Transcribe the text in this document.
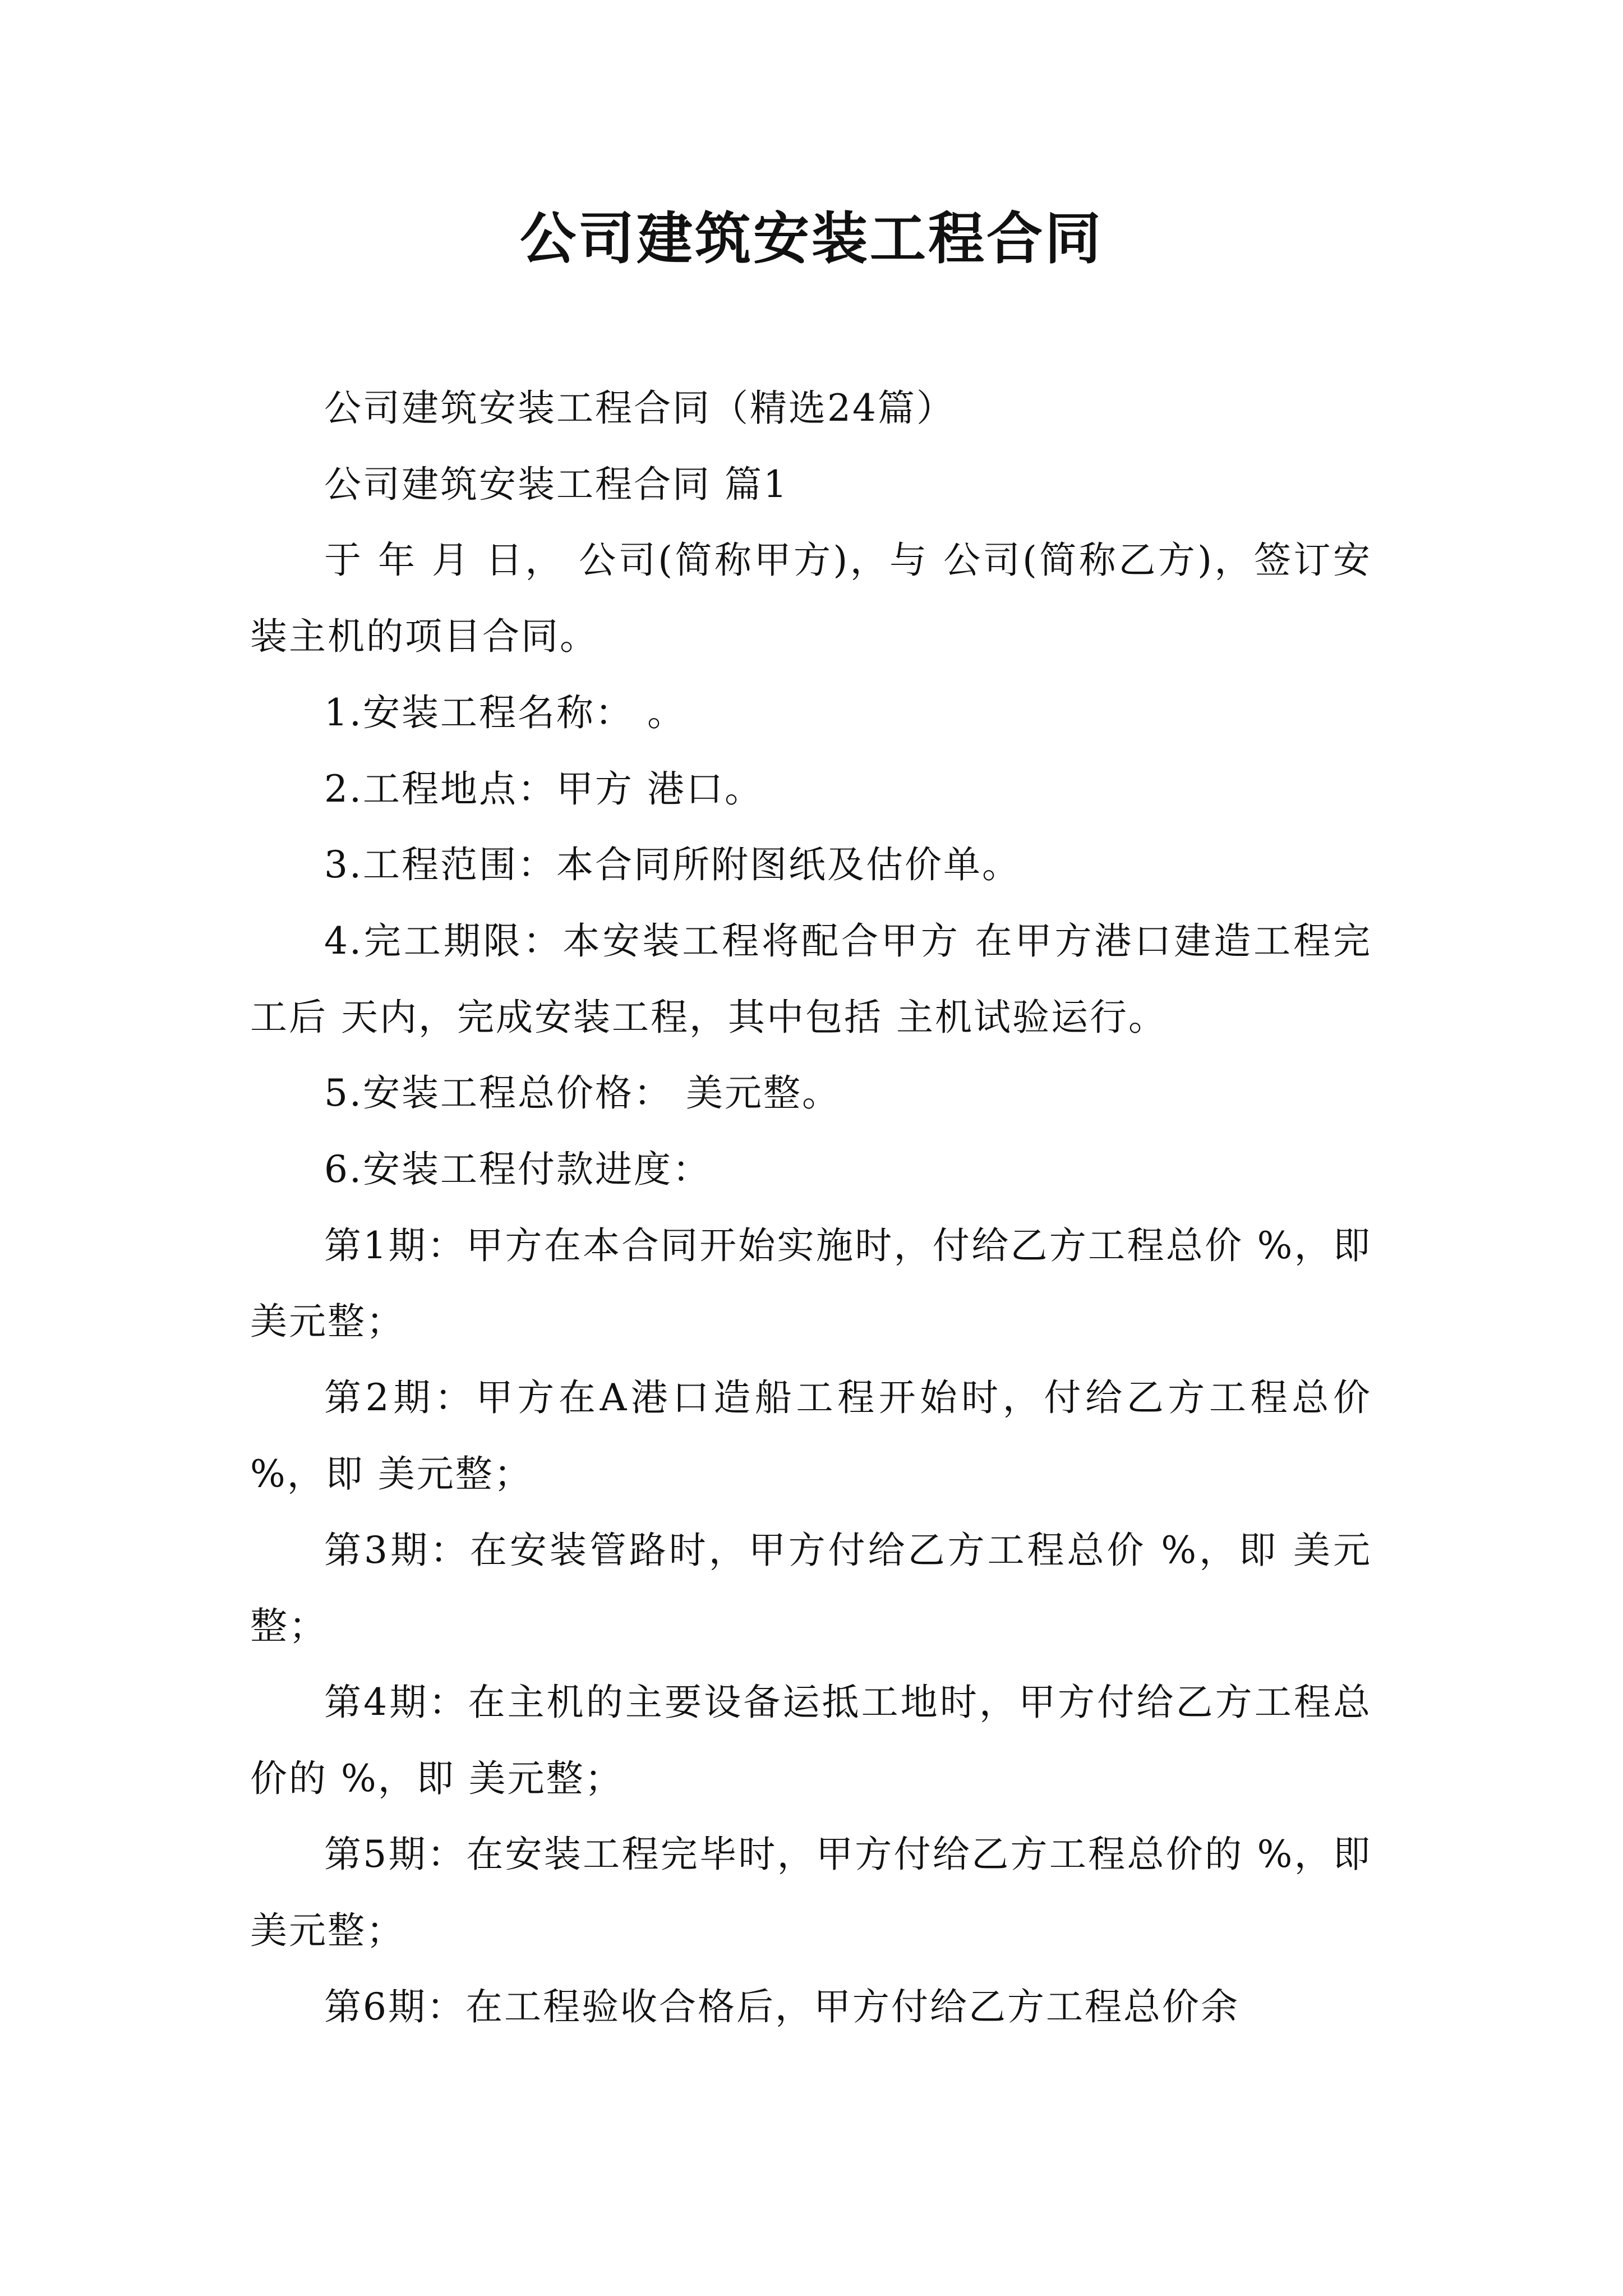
公司建筑安装工程合同

公司建筑安装工程合同（精选24篇）

公司建筑安装工程合同 篇1

于 年 月 日， 公司(简称甲方)，与 公司(简称乙方)，签订安装主机的项目合同。

1.安装工程名称： 。

2.工程地点：甲方 港口。

3.工程范围：本合同所附图纸及估价单。

4.完工期限：本安装工程将配合甲方 在甲方港口建造工程完工后 天内，完成安装工程，其中包括 主机试验运行。

5.安装工程总价格： 美元整。

6.安装工程付款进度：

第1期：甲方在本合同开始实施时，付给乙方工程总价 %，即 美元整；

第2期：甲方在A港口造船工程开始时，付给乙方工程总价 %，即 美元整；

第3期：在安装管路时，甲方付给乙方工程总价 %，即 美元整；

第4期：在主机的主要设备运抵工地时，甲方付给乙方工程总价的 %，即 美元整；

第5期：在安装工程完毕时，甲方付给乙方工程总价的 %，即 美元整；

第6期：在工程验收合格后，甲方付给乙方工程总价余
